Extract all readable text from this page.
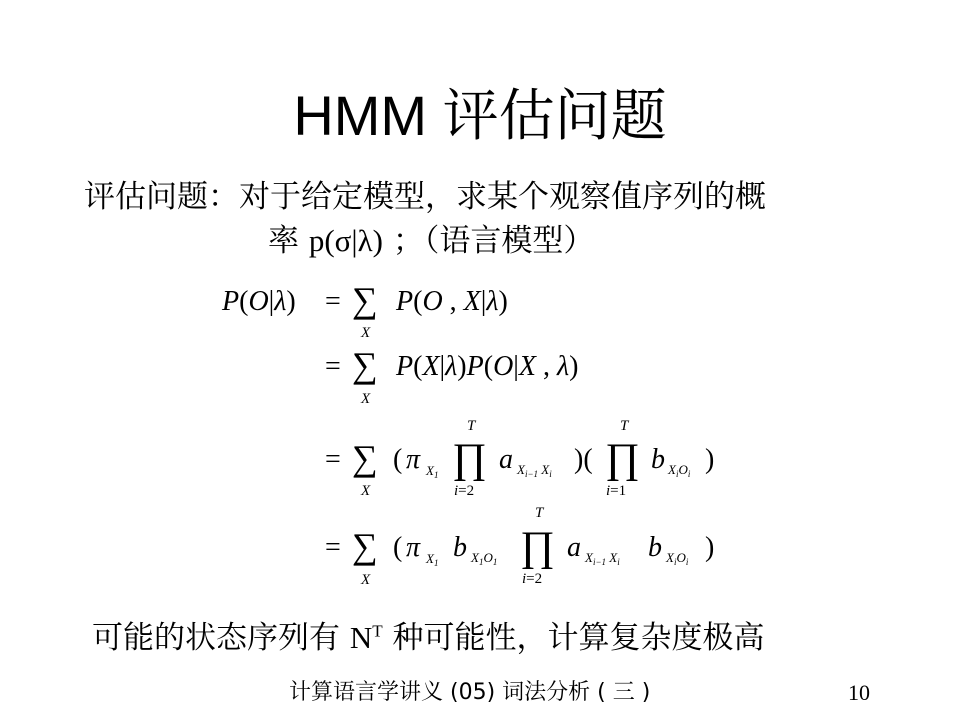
HMM 评估问题
评估问题：对于给定模型，求某个观察值序列的概
率 p(σ|λ) ；（语言模型）
P(O|λ) = ∑
X
P(O , X|λ)
= ∑
X
P(X|λ)P(O|X , λ)
= ∑
X
( π $X_1$
T
∏
i=2
a $X_{i-1}$ $X_i$ )(
T
∏
i=1
b $X_iO_i$ )
= ∑
X
( π $X_1$ b $X_1O_1$
T
∏
i=2
a $X_{i-1}$ $X_i$ b $X_iO_i$ )
可能的状态序列有 $N^T$ 种可能性，计算复杂度极高
计算语言学讲义 (05) 词法分析 ( 三 )	10
